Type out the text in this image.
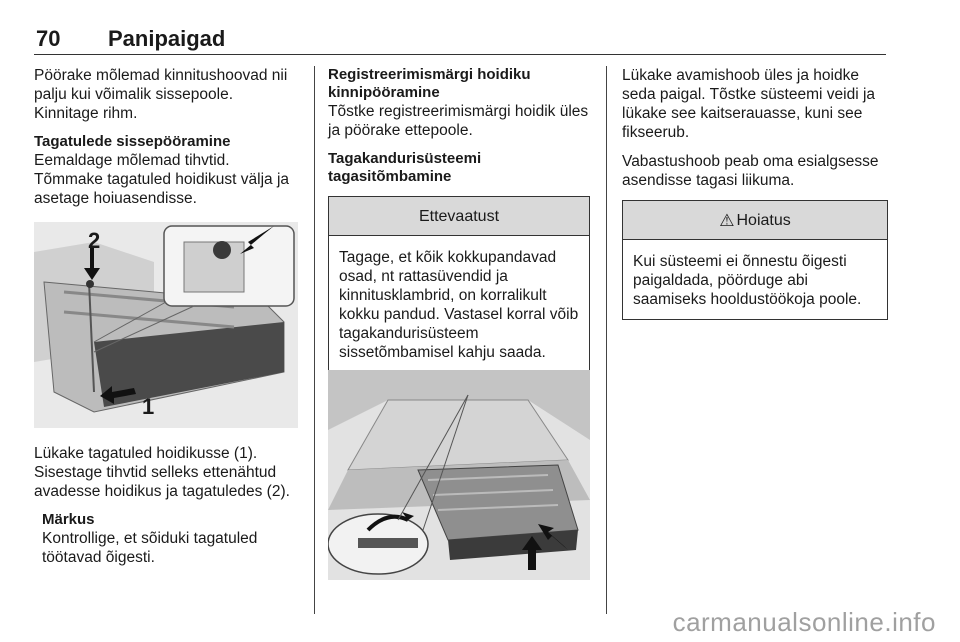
70 Panipaigad

Pöörake mõlemad kinnitushoovad nii palju kui võimalik sissepoole. Kinnitage rihm.

Tagatulede sissepööramine

Eemaldage mõlemad tihvtid. Tõmmake tagatuled hoidikust välja ja asetage hoiuasendisse.

2
1

Lükake tagatuled hoidikusse (1). Sisestage tihvtid selleks ettenähtud avadesse hoidikus ja tagatuledes (2).

Märkus
Kontrollige, et sõiduki tagatuled töötavad õigesti.
Registreerimismärgi hoidiku kinnipööramine

Tõstke registreerimismärgi hoidik üles ja pöörake ettepoole.

Tagakandurisüsteemi tagasitõmbamine
Ettevaatust
Tagage, et kõik kokkupandavad osad, nt rattasüvendid ja kinnitusklambrid, on korralikult kokku pandud. Vastasel korral võib tagakandurisüsteem sissetõmbamisel kahju saada.

Lükake avamishoob üles ja hoidke seda paigal. Tõstke süsteemi veidi ja lükake see kaitserauasse, kuni see fikseerub.

Vabastushoob peab oma esialgsesse asendisse tagasi liikuma.

⚠ Hoiatus
Kui süsteemi ei õnnestu õigesti paigaldada, pöörduge abi saamiseks hooldustöökoja poole.
carmanualsonline.info
